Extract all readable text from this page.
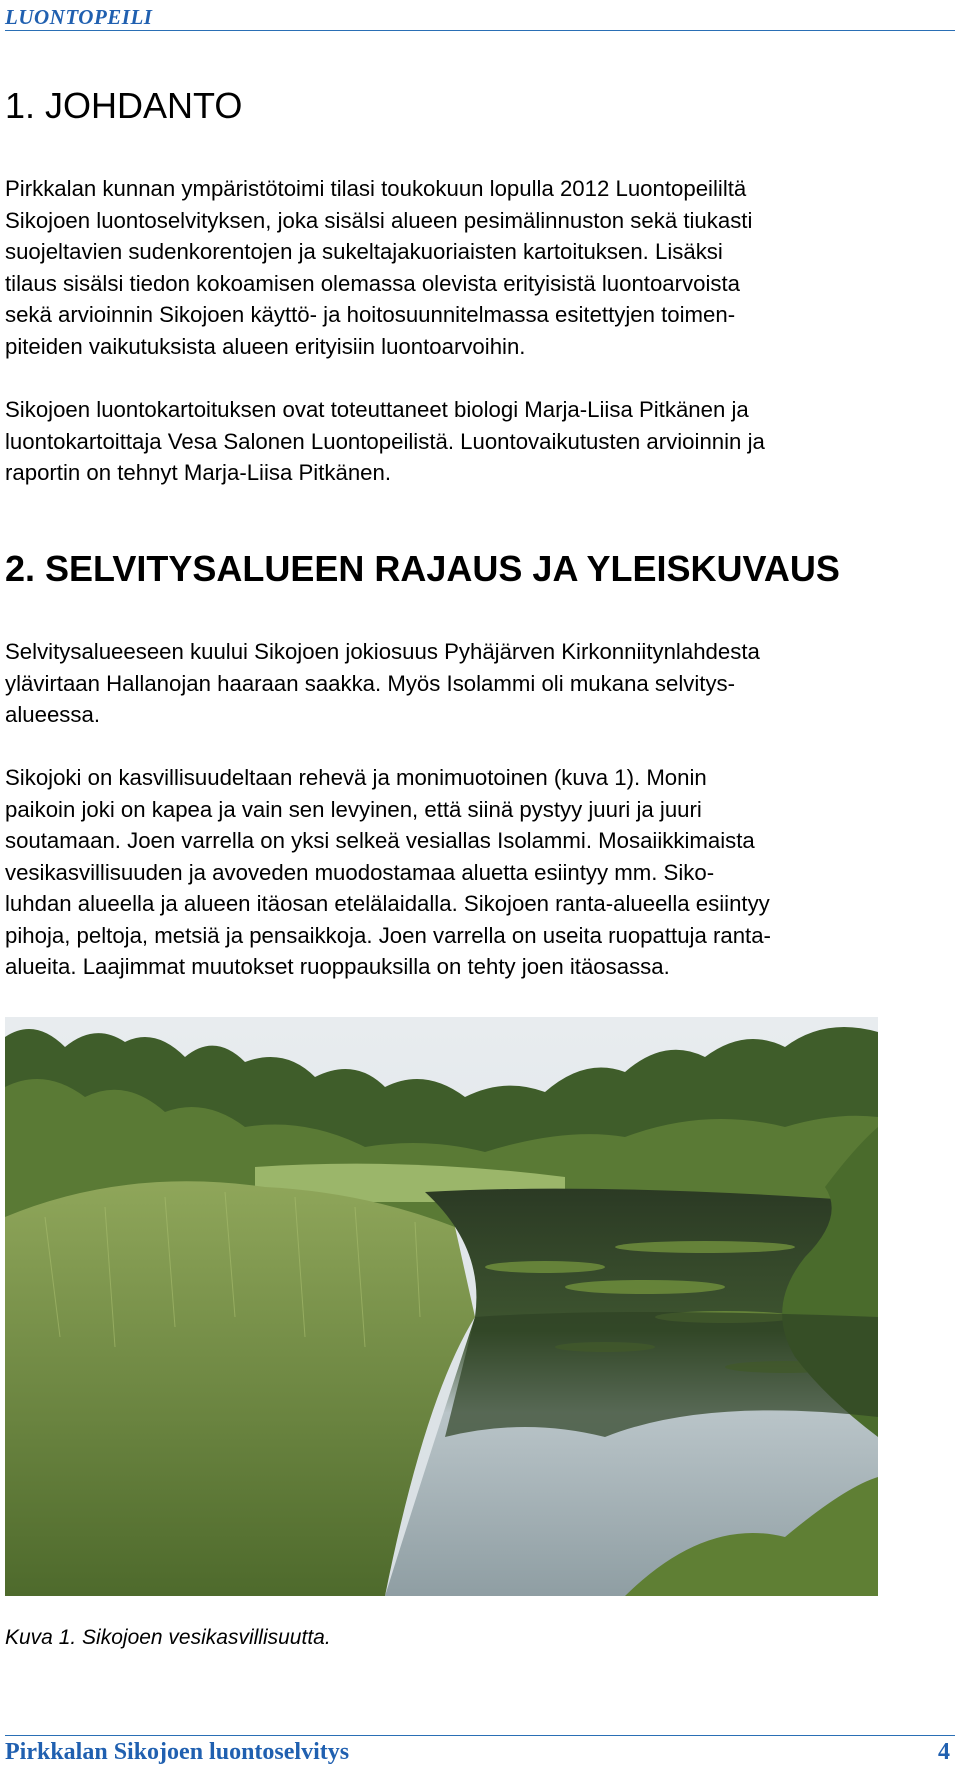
LUONTOPEILI
1. JOHDANTO
Pirkkalan kunnan ympäristötoimi tilasi toukokuun lopulla 2012 Luontopeililtä
Sikojoen luontoselvityksen, joka sisälsi alueen pesimälinnuston sekä tiukasti
suojeltavien sudenkorentojen ja sukeltajakuoriaisten kartoituksen. Lisäksi
tilaus sisälsi tiedon kokoamisen olemassa olevista erityisistä luontoarvoista
sekä arvioinnin Sikojoen käyttö- ja hoitosuunnitelmassa esitettyjen toimen-
piteiden vaikutuksista alueen erityisiin luontoarvoihin.
Sikojoen luontokartoituksen ovat toteuttaneet biologi Marja-Liisa Pitkänen ja
luontokartoittaja Vesa Salonen Luontopeilistä. Luontovaikutusten arvioinnin ja
raportin on tehnyt Marja-Liisa Pitkänen.
2. SELVITYSALUEEN RAJAUS JA YLEISKUVAUS
Selvitysalueeseen kuului Sikojoen jokiosuus Pyhäjärven Kirkonniitynlahdesta
ylävirtaan Hallanojan haaraan saakka. Myös Isolammi oli mukana selvitys-
alueessa.
Sikojoki on kasvillisuudeltaan rehevä ja monimuotoinen (kuva 1). Monin
paikoin joki on kapea ja vain sen levyinen, että siinä pystyy juuri ja juuri
soutamaan. Joen varrella on yksi selkeä vesiallas Isolammi. Mosaiikkimaista
vesikasvillisuuden ja avoveden muodostamaa aluetta esiintyy mm. Siko-
luhdan alueella ja alueen itäosan etelälaidalla. Sikojoen ranta-alueella esiintyy
pihoja, peltoja, metsiä ja pensaikkoja. Joen varrella on useita ruopattuja ranta-
alueita. Laajimmat muutokset ruoppauksilla on tehty joen itäosassa.
Kuva 1. Sikojoen vesikasvillisuutta.
Pirkkalan Sikojoen luontoselvitys	4
